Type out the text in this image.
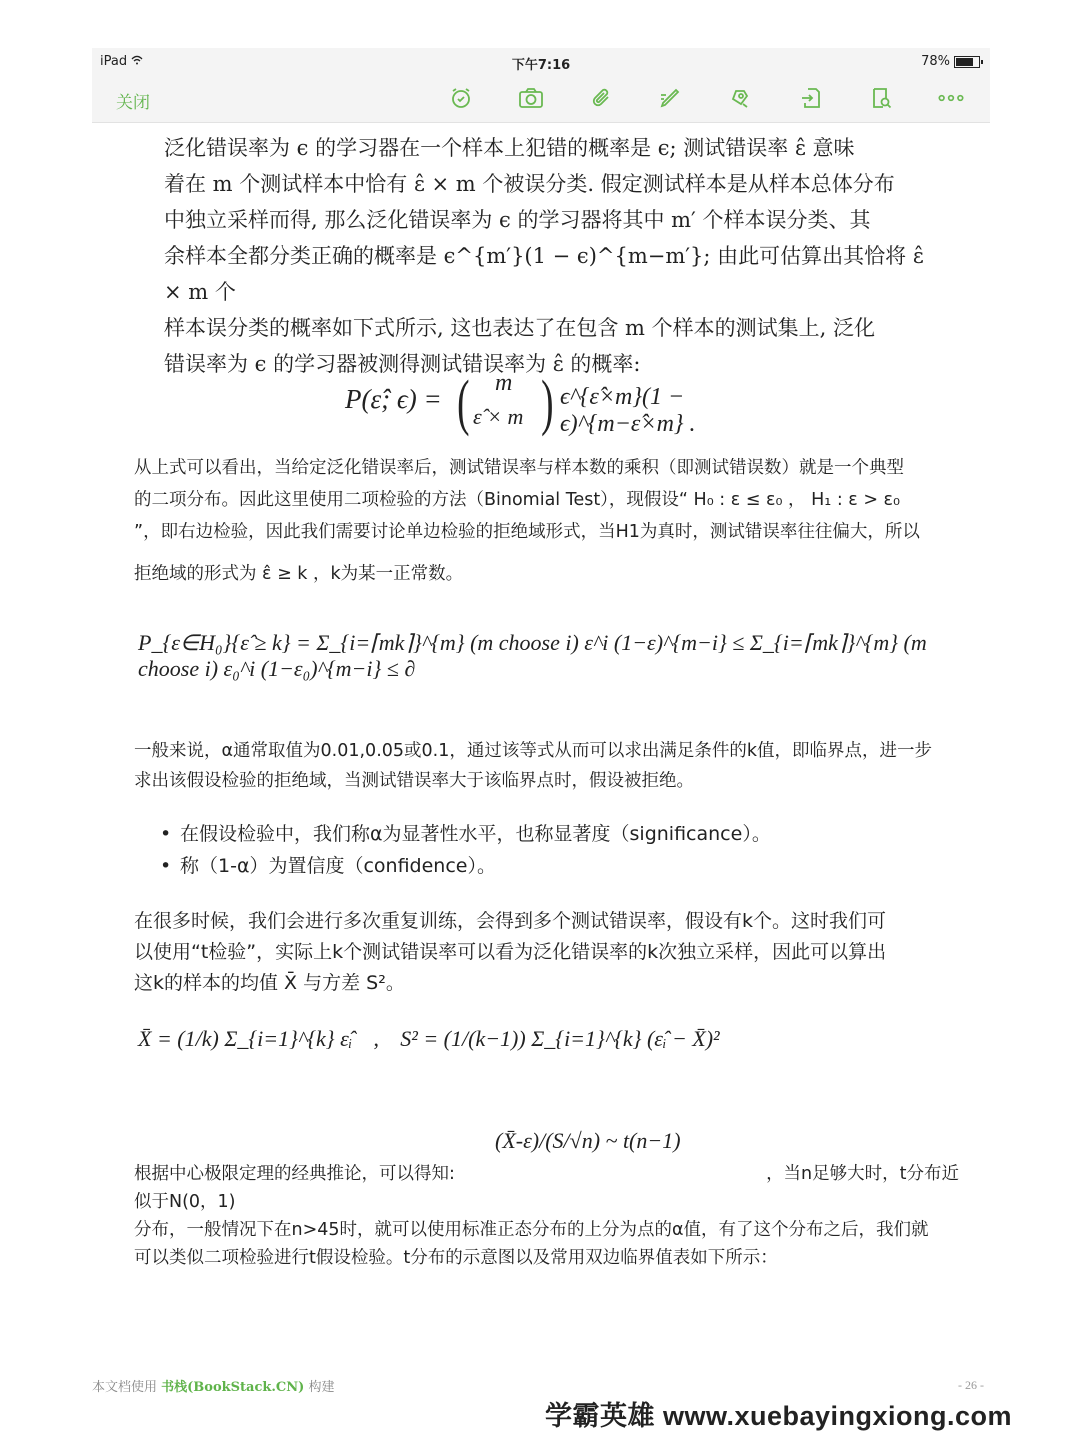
iPad	下午7:16	78%
关闭
泛化错误率为 ϵ 的学习器在一个样本上犯错的概率是 ϵ; 测试错误率 ε̂ 意味
着在 m 个测试样本中恰有 ε̂ × m 个被误分类. 假定测试样本是从样本总体分布
中独立采样而得, 那么泛化错误率为 ϵ 的学习器将其中 m′ 个样本误分类、其
余样本全都分类正确的概率是 ϵ^{m′}(1 − ϵ)^{m−m′}; 由此可估算出其恰将 ε̂ × m 个
样本误分类的概率如下式所示, 这也表达了在包含 m 个样本的测试集上, 泛化
错误率为 ϵ 的学习器被测得测试错误率为 ε̂ 的概率:
P(ε̂; ϵ) = ( m
ε̂ × m ) ϵ^{ε̂×m}(1 − ϵ)^{m−ε̂×m} .
从上式可以看出，当给定泛化错误率后，测试错误率与样本数的乘积（即测试错误数）就是一个典型
的二项分布。因此这里使用二项检验的方法（Binomial Test），现假设“ H₀ : ε ≤ ε₀ ， H₁ : ε > ε₀
”，即右边检验，因此我们需要讨论单边检验的拒绝域形式，当H1为真时，测试错误率往往偏大，所以
拒绝域的形式为 ε̂ ≥ k ，k为某一正常数。
P_{ε∈H₀}{ε̂ ≥ k} = Σ_{i=⌈mk⌉}^{m} (m choose i) ε^i (1−ε)^{m−i} ≤ Σ_{i=⌈mk⌉}^{m} (m choose i) ε₀^i (1−ε₀)^{m−i} ≤ ∂
一般来说，α通常取值为0.01,0.05或0.1，通过该等式从而可以求出满足条件的k值，即临界点，进一步
求出该假设检验的拒绝域，当测试错误率大于该临界点时，假设被拒绝。
• 在假设检验中，我们称α为显著性水平，也称显著度（significance）。
• 称（1-α）为置信度（confidence）。
在很多时候，我们会进行多次重复训练，会得到多个测试错误率，假设有k个。这时我们可
以使用“t检验”，实际上k个测试错误率可以看为泛化错误率的k次独立采样，因此可以算出
这k的样本的均值 X̄ 与方差 S²。
X̄ = (1/k) Σ_{i=1}^{k} ε̂ᵢ , S² = (1/(k−1)) Σ_{i=1}^{k} (ε̂ᵢ − X̄)²
(X̄-ε)/(S/√n) ~ t(n−1)
根据中心极限定理的经典推论，可以得知:	，当n足够大时，t分布近似于N(0，1)
分布，一般情况下在n>45时，就可以使用标准正态分布的上分为点的α值，有了这个分布之后，我们就
可以类似二项检验进行t假设检验。t分布的示意图以及常用双边临界值表如下所示：
本文档使用 书栈(BookStack.CN) 构建	- 26 -
学霸英雄 www.xuebayingxiong.com
